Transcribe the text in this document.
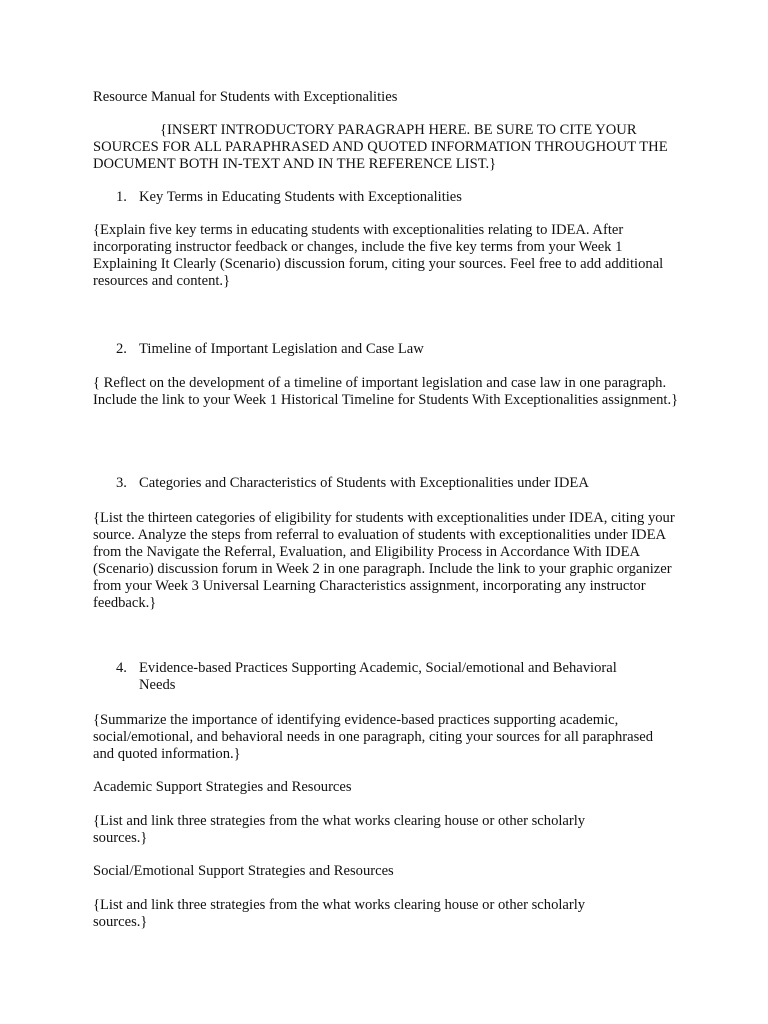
Resource Manual for Students with Exceptionalities

{INSERT INTRODUCTORY PARAGRAPH HERE. BE SURE TO CITE YOUR SOURCES FOR ALL PARAPHRASED AND QUOTED INFORMATION THROUGHOUT THE DOCUMENT BOTH IN-TEXT AND IN THE REFERENCE LIST.}

1. Key Terms in Educating Students with Exceptionalities

{Explain five key terms in educating students with exceptionalities relating to IDEA. After incorporating instructor feedback or changes, include the five key terms from your Week 1 Explaining It Clearly (Scenario) discussion forum, citing your sources. Feel free to add additional resources and content.}

2. Timeline of Important Legislation and Case Law

{ Reflect on the development of a timeline of important legislation and case law in one paragraph. Include the link to your Week 1 Historical Timeline for Students With Exceptionalities assignment.}

3. Categories and Characteristics of Students with Exceptionalities under IDEA

{List the thirteen categories of eligibility for students with exceptionalities under IDEA, citing your source. Analyze the steps from referral to evaluation of students with exceptionalities under IDEA from the Navigate the Referral, Evaluation, and Eligibility Process in Accordance With IDEA (Scenario) discussion forum in Week 2 in one paragraph. Include the link to your graphic organizer from your Week 3 Universal Learning Characteristics assignment, incorporating any instructor feedback.}

4. Evidence-based Practices Supporting Academic, Social/emotional and Behavioral Needs

{Summarize the importance of identifying evidence-based practices supporting academic, social/emotional, and behavioral needs in one paragraph, citing your sources for all paraphrased and quoted information.}

Academic Support Strategies and Resources

{List and link three strategies from the what works clearing house or other scholarly sources.}

Social/Emotional Support Strategies and Resources

{List and link three strategies from the what works clearing house or other scholarly sources.}
